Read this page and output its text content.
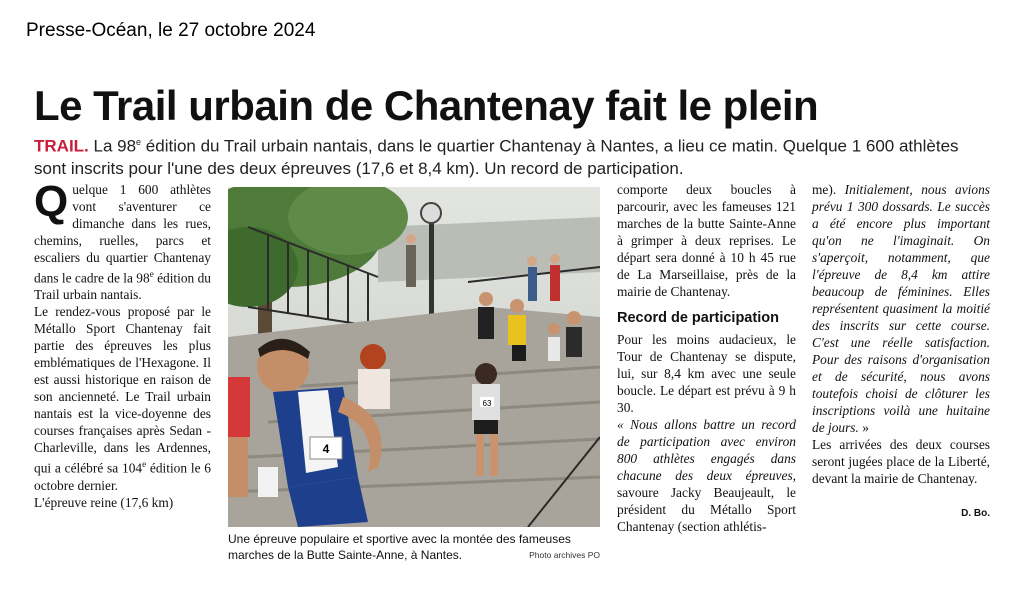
Presse-Océan, le 27 octobre 2024
Le Trail urbain de Chantenay fait le plein
TRAIL. La 98e édition du Trail urbain nantais, dans le quartier Chantenay à Nantes, a lieu ce matin. Quelque 1 600 athlètes sont inscrits pour l'une des deux épreuves (17,6 et 8,4 km). Un record de participation.

Quelque 1 600 athlètes vont s'aventurer ce dimanche dans les rues, chemins, ruelles, parcs et escaliers du quartier Chantenay dans le cadre de la 98e édition du Trail urbain nantais.

Le rendez-vous proposé par le Métallo Sport Chantenay fait partie des épreuves les plus emblématiques de l'Hexagone. Il est aussi historique en raison de son ancienneté. Le Trail urbain nantais est la vice-doyenne des courses françaises après Sedan - Charleville, dans les Ardennes, qui a célébré sa 104e édition le 6 octobre dernier.

L'épreuve reine (17,6 km)

63
4
Une épreuve populaire et sportive avec la montée des fameuses marches de la Butte Sainte-Anne, à Nantes.	Photo archives PO

comporte deux boucles à parcourir, avec les fameuses 121 marches de la butte Sainte-Anne à grimper à deux reprises. Le départ sera donné à 10 h 45 rue de La Marseillaise, près de la mairie de Chantenay.

Record de participation

Pour les moins audacieux, le Tour de Chantenay se dispute, lui, sur 8,4 km avec une seule boucle. Le départ est prévu à 9 h 30.

« Nous allons battre un record de participation avec environ 800 athlètes engagés dans chacune des deux épreuves, savoure Jacky Beaujeault, le président du Métallo Sport Chantenay (section athlétis-

me). Initialement, nous avions prévu 1 300 dossards. Le succès a été encore plus important qu'on ne l'imaginait. On s'aperçoit, notamment, que l'épreuve de 8,4 km attire beaucoup de féminines. Elles représentent quasiment la moitié des inscrits sur cette course. C'est une réelle satisfaction. Pour des raisons d'organisation et de sécurité, nous avons toutefois choisi de clôturer les inscriptions voilà une huitaine de jours. »

Les arrivées des deux courses seront jugées place de la Liberté, devant la mairie de Chantenay.

D. Bo.
